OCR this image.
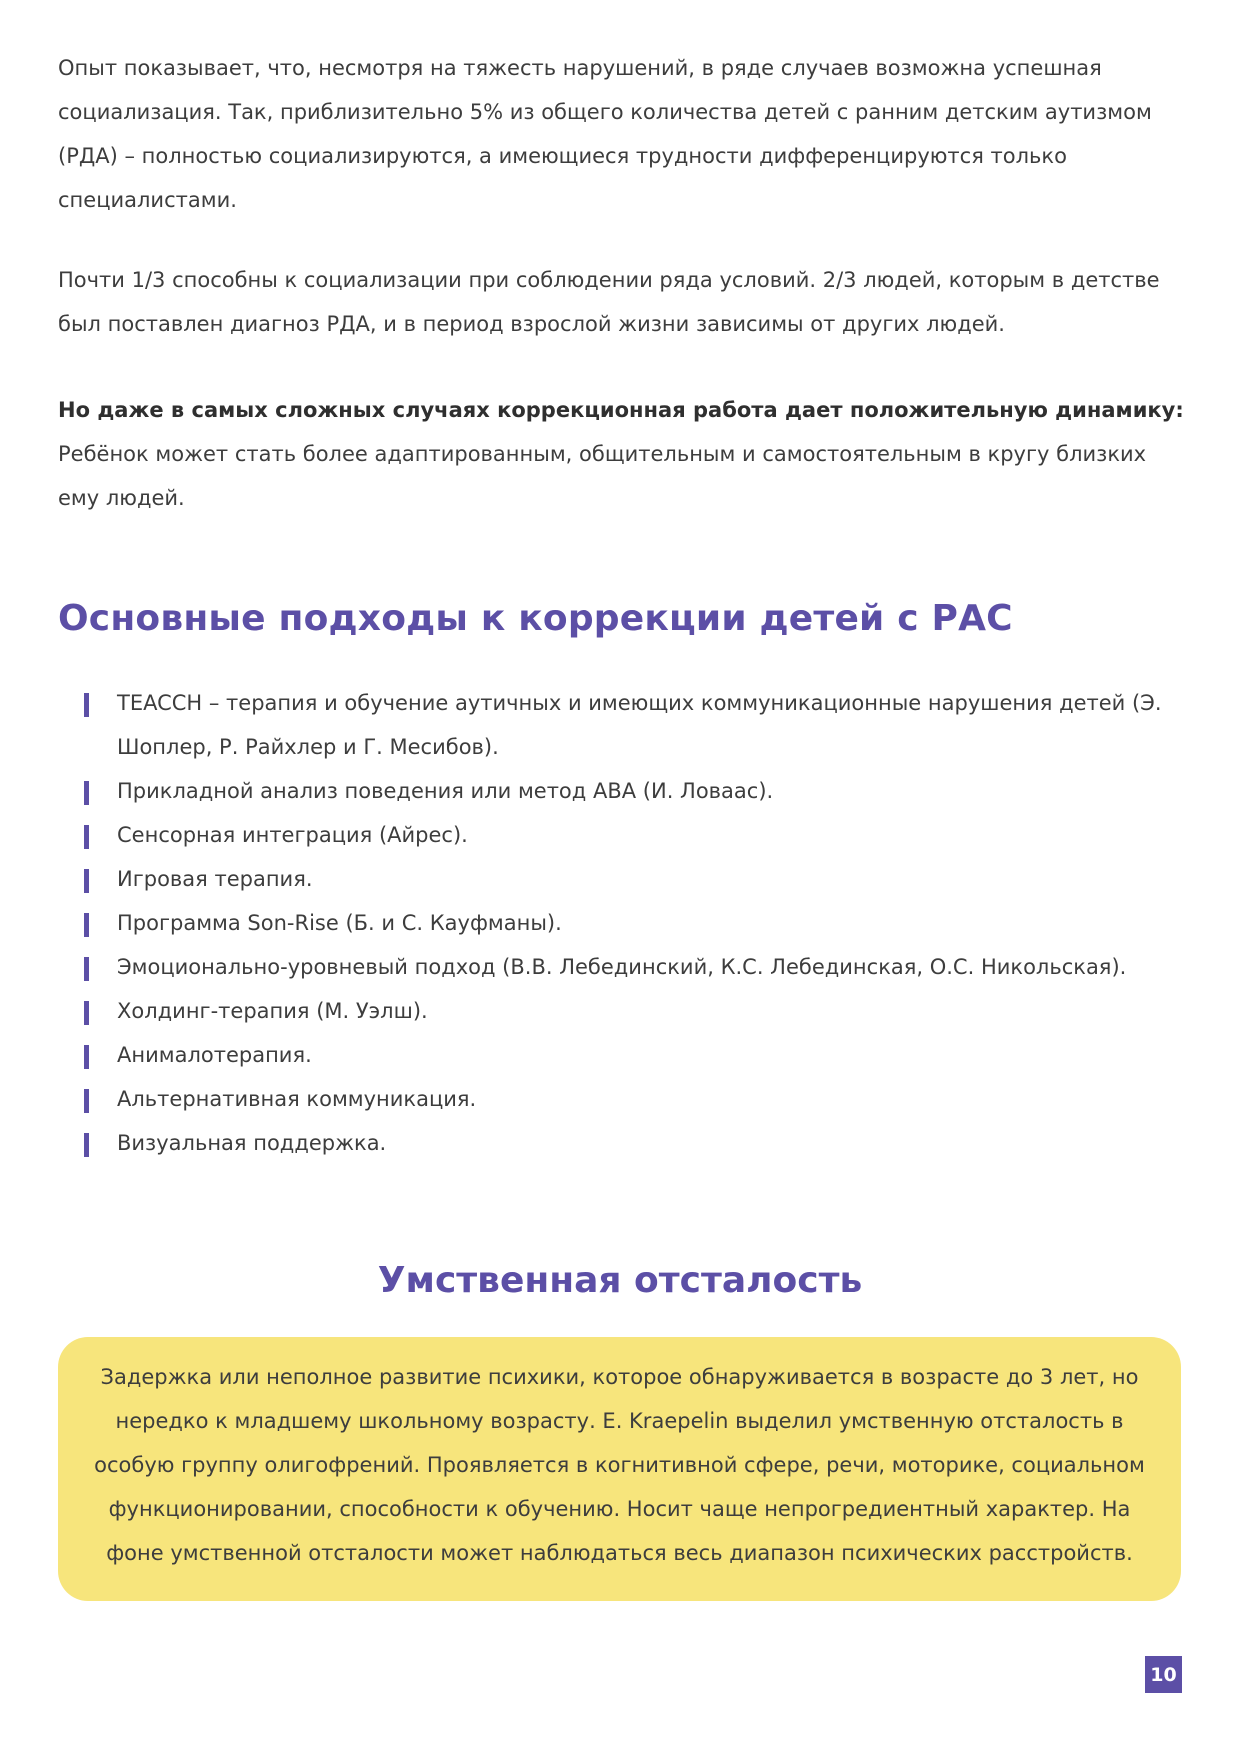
Опыт показывает, что, несмотря на тяжесть нарушений, в ряде случаев возможна успешная социализация. Так, приблизительно 5% из общего количества детей с ранним детским аутизмом (РДА) – полностью социализируются, а имеющиеся трудности дифференцируются только специалистами.

Почти 1/3 способны к социализации при соблюдении ряда условий. 2/3 людей, которым в детстве был поставлен диагноз РДА, и в период взрослой жизни зависимы от других людей.

Но даже в самых сложных случаях коррекционная работа дает положительную динамику:
Ребёнок может стать более адаптированным, общительным и самостоятельным в кругу близких ему людей.

Основные подходы к коррекции детей с РАС
TEACCH – терапия и обучение аутичных и имеющих коммуникационные нарушения детей (Э. Шоплер, Р. Райхлер и Г. Месибов).
Прикладной анализ поведения или метод ABA (И. Ловаас).
Сенсорная интеграция (Айрес).
Игровая терапия.
Программа Son-Rise (Б. и С. Кауфманы).
Эмоционально-уровневый подход (В.В. Лебединский, К.С. Лебединская, О.С. Никольская).
Холдинг-терапия (М. Уэлш).
Анималотерапия.
Альтернативная коммуникация.
Визуальная поддержка.
Умственная отсталость

Задержка или неполное развитие психики, которое обнаруживается в возрасте до 3 лет, но нередко к младшему школьному возрасту. E. Kraepelin выделил умственную отсталость в особую группу олигофрений. Проявляется в когнитивной сфере, речи, моторике, социальном функционировании, способности к обучению. Носит чаще непрогредиентный характер. На фоне умственной отсталости может наблюдаться весь диапазон психических расстройств.

10
